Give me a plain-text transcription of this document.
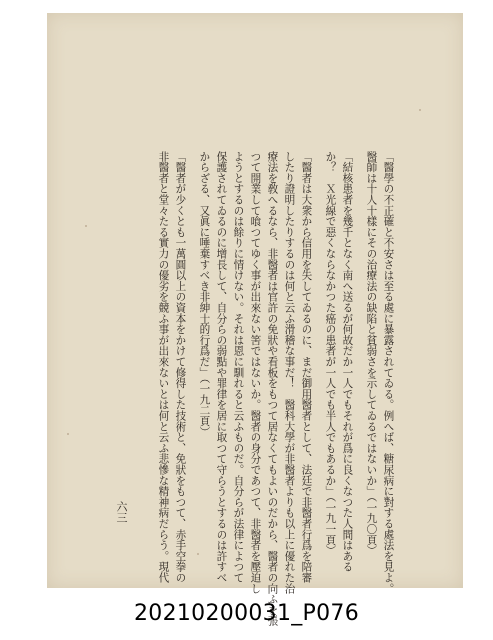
「醫學の不正確と不安さは至る處に暴露されてゐる。例へば、糖尿病に對する處法を見よ。
醫師は十人十樣にその治療法の缺陷と貧弱さを示してゐるではないか」（一九〇頁）
「結核患者を幾千となく南へ送るが何故だか一人でもそれが爲に良くなつた人間はある
か？　Ｘ光線で惡くならなかつた癌の患者が一人でも半人でもあるか」（一九一頁）
「醫者は大衆から信用を失してゐるのに、まだ御用醫者として、法廷で非醫者行爲を陪審
したり證明したりするのは何と云ふ滑稽な事だ！　醫科大學が非醫者よりも以上に優れた治
療法を敎へるなら、非醫者は官許の免狀や看板をもつて居なくてもよいのだから、醫者の向ふを張
つて開業して喰つてゆく事が出來ない筈ではないか。醫者の身分であつて、非醫者を壓迫し
ようとするのは餘りに情けない。それは恩に馴れると云ふものだ。自分らが法律によつて
保護されてゐるのに增長して、自分らの弱點や罪律を居に取つて守らうとするのは許すべ
からざる、又眞に唾棄すべき非紳士的行爲だ」（一九二頁）
「醫者が少くとも一萬圓以上の資本をかけて修得した技術と、免狀をもつて、赤手空拳の
非醫者と堂々たる實力の優劣を競ふ事が出來ないとは何と云ふ悲慘な精神病だらう。現代
六三
20210200031_P076
